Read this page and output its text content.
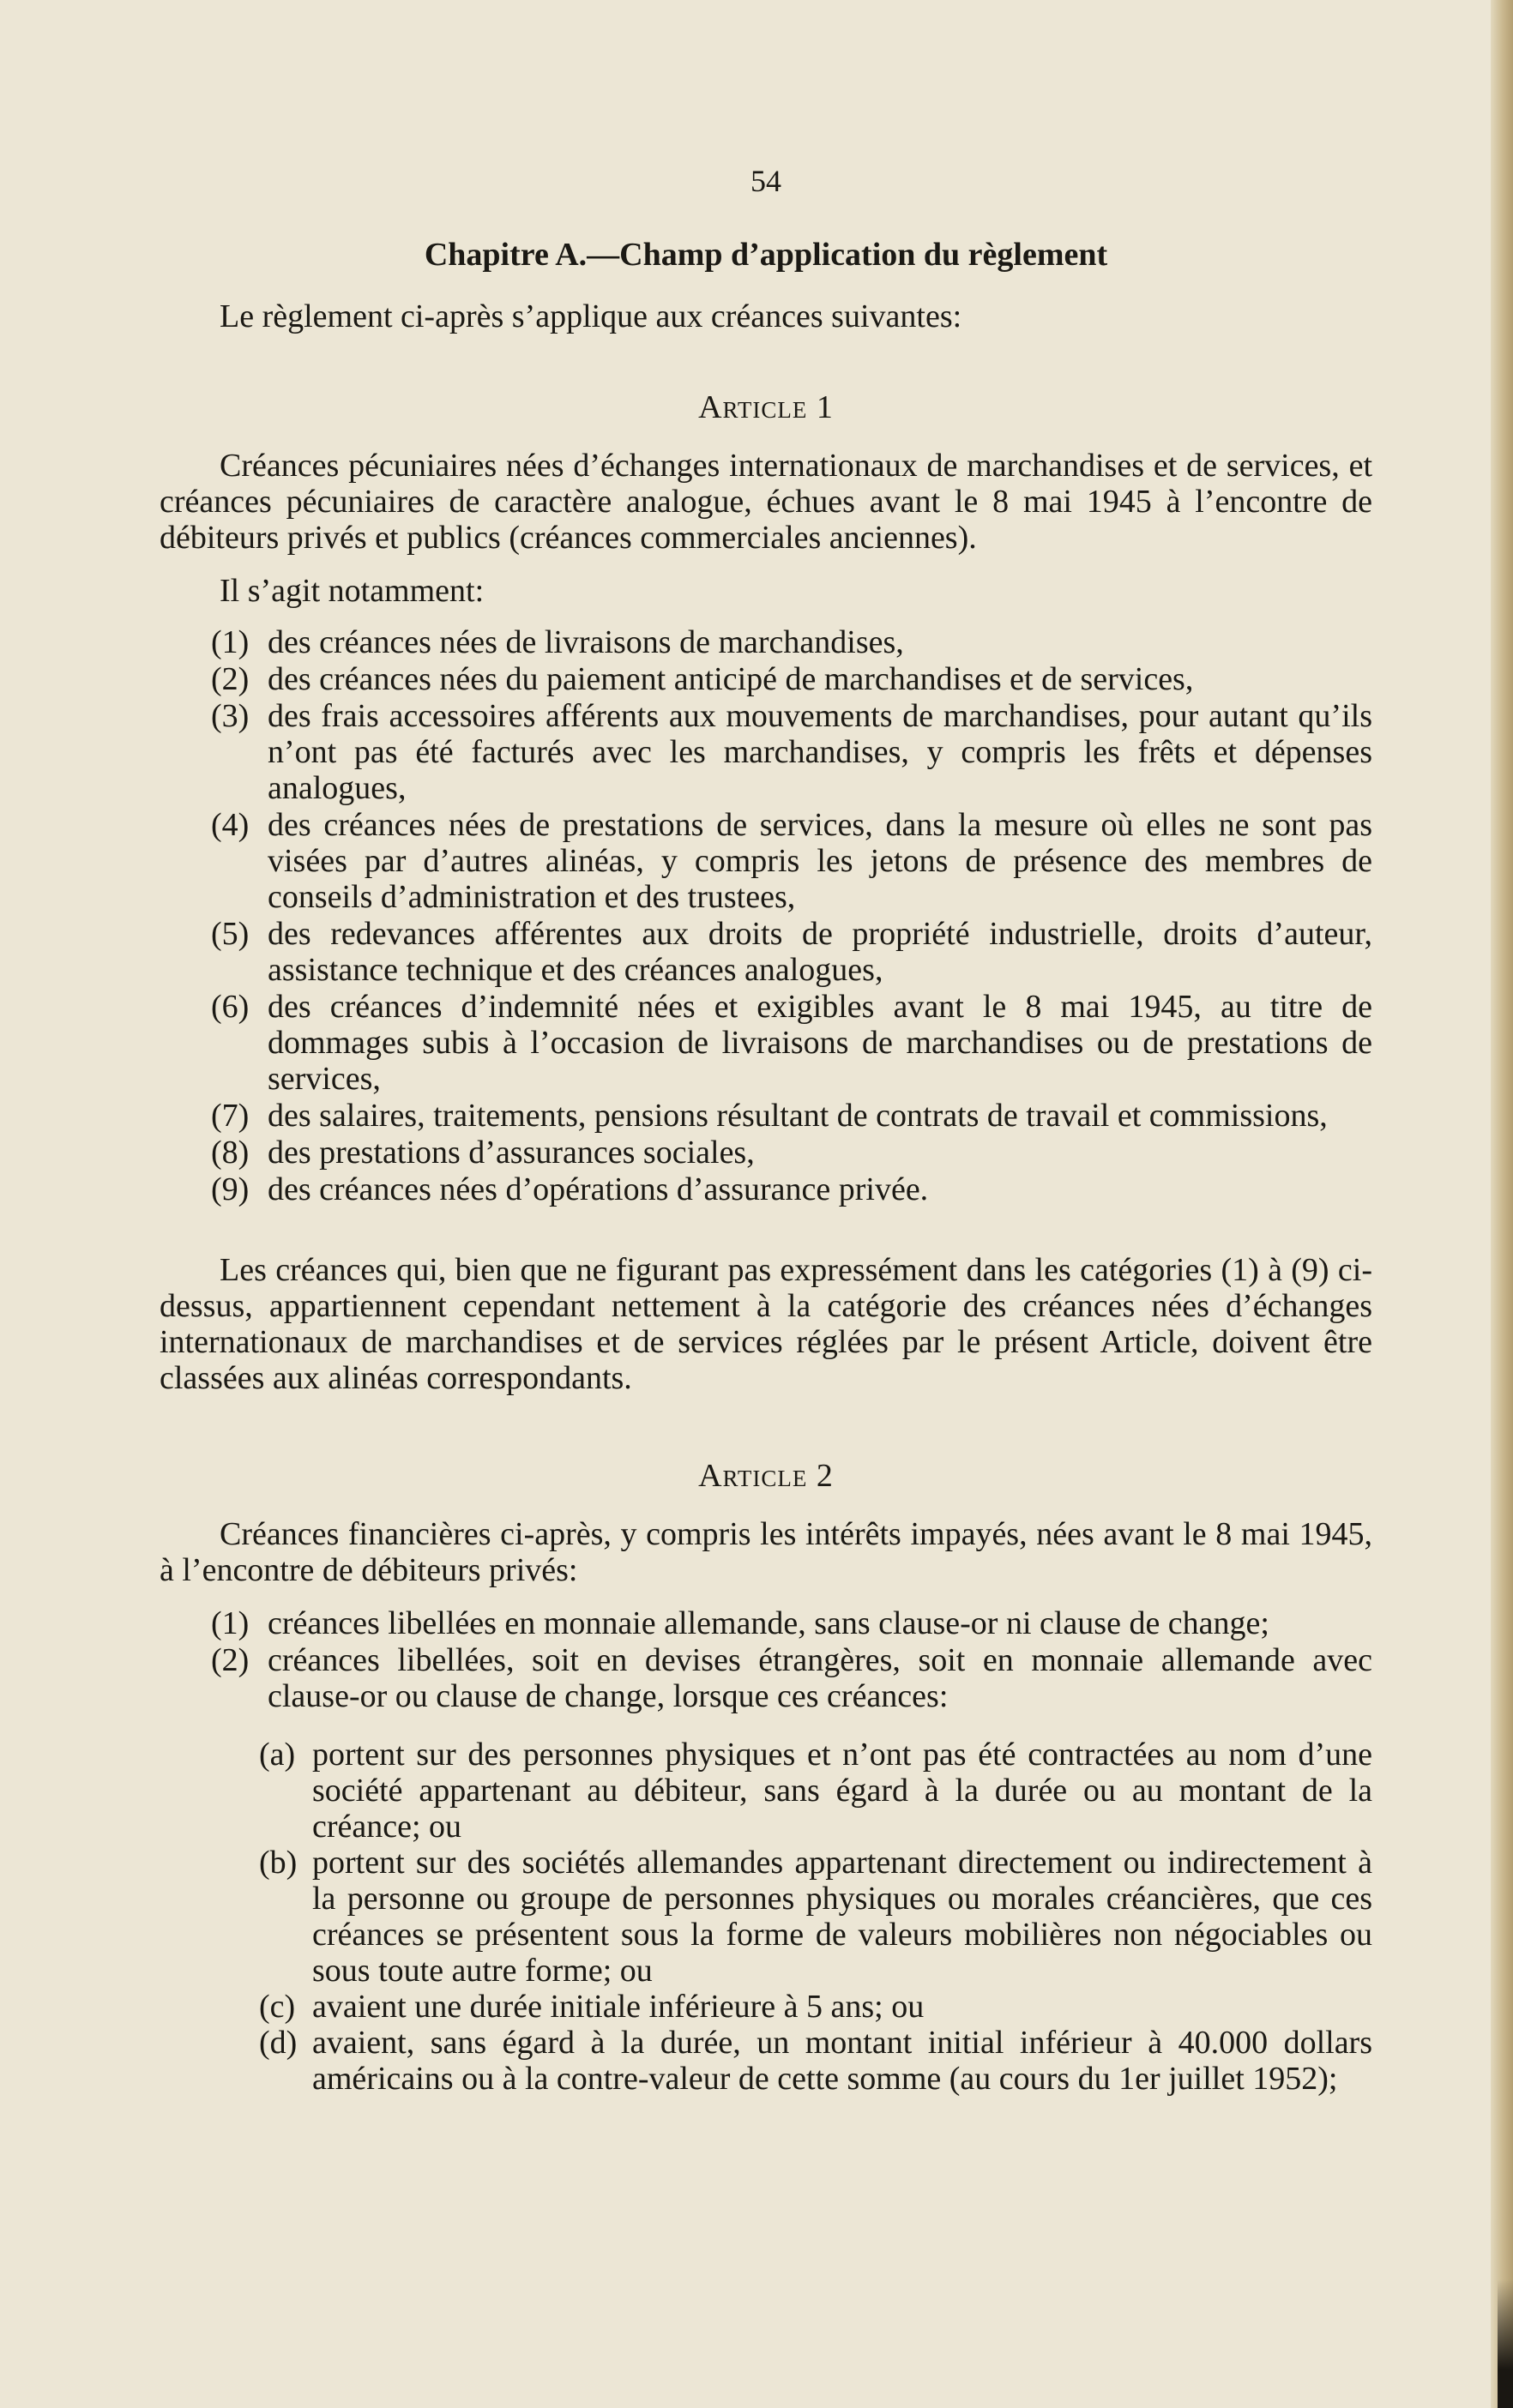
54

Chapitre A.—Champ d’application du règlement

Le règlement ci-après s’applique aux créances suivantes:

Article 1

Créances pécuniaires nées d’échanges internationaux de marchandises et de services, et créances pécuniaires de caractère analogue, échues avant le 8 mai 1945 à l’encontre de débiteurs privés et publics (créances commerciales anciennes).

Il s’agit notamment:

(1) des créances nées de livraisons de marchandises,
(2) des créances nées du paiement anticipé de marchandises et de services,
(3) des frais accessoires afférents aux mouvements de marchandises, pour autant qu’ils n’ont pas été facturés avec les marchandises, y compris les frêts et dépenses analogues,
(4) des créances nées de prestations de services, dans la mesure où elles ne sont pas visées par d’autres alinéas, y compris les jetons de présence des membres de conseils d’administration et des trustees,
(5) des redevances afférentes aux droits de propriété industrielle, droits d’auteur, assistance technique et des créances analogues,
(6) des créances d’indemnité nées et exigibles avant le 8 mai 1945, au titre de dommages subis à l’occasion de livraisons de marchandises ou de prestations de services,
(7) des salaires, traitements, pensions résultant de contrats de travail et commissions,
(8) des prestations d’assurances sociales,
(9) des créances nées d’opérations d’assurance privée.

Les créances qui, bien que ne figurant pas expressément dans les catégories (1) à (9) ci-dessus, appartiennent cependant nettement à la catégorie des créances nées d’échanges internationaux de marchandises et de services réglées par le présent Article, doivent être classées aux alinéas correspondants.

Article 2

Créances financières ci-après, y compris les intérêts impayés, nées avant le 8 mai 1945, à l’encontre de débiteurs privés:

(1) créances libellées en monnaie allemande, sans clause-or ni clause de change;
(2) créances libellées, soit en devises étrangères, soit en monnaie allemande avec clause-or ou clause de change, lorsque ces créances:
(a) portent sur des personnes physiques et n’ont pas été contractées au nom d’une société appartenant au débiteur, sans égard à la durée ou au montant de la créance; ou
(b) portent sur des sociétés allemandes appartenant directement ou indirectement à la personne ou groupe de personnes physiques ou morales créancières, que ces créances se présentent sous la forme de valeurs mobilières non négociables ou sous toute autre forme; ou
(c) avaient une durée initiale inférieure à 5 ans; ou
(d) avaient, sans égard à la durée, un montant initial inférieur à 40.000 dollars américains ou à la contre-valeur de cette somme (au cours du 1er juillet 1952);
